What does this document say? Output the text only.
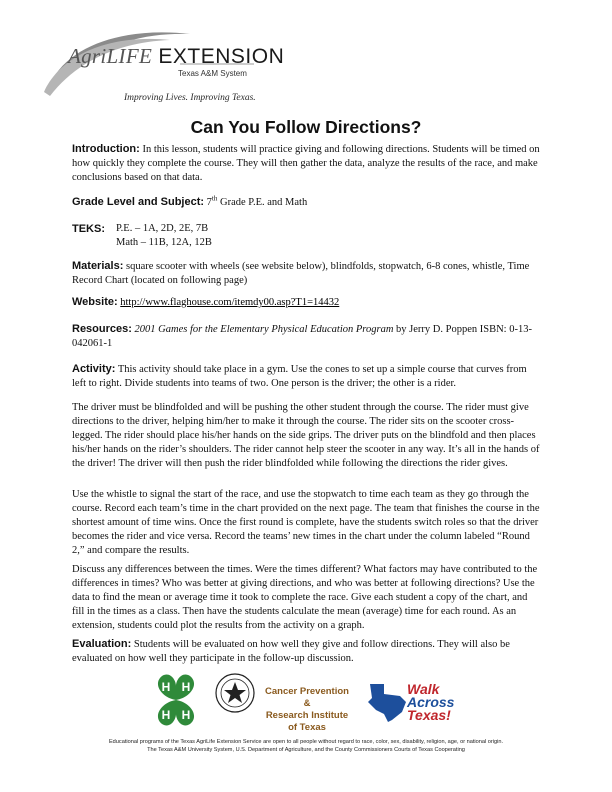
AgriLIFE EXTENSION
Texas A&M System
Improving Lives. Improving Texas.
Can You Follow Directions?
Introduction: In this lesson, students will practice giving and following directions. Students will be timed on how quickly they complete the course. They will then gather the data, analyze the results of the race, and make conclusions based on that data.
Grade Level and Subject: 7th Grade P.E. and Math
TEKS: P.E. – 1A, 2D, 2E, 7B
Math – 11B, 12A, 12B
Materials: square scooter with wheels (see website below), blindfolds, stopwatch, 6-8 cones, whistle, Time Record Chart (located on following page)
Website: http://www.flaghouse.com/itemdy00.asp?T1=14432
Resources: 2001 Games for the Elementary Physical Education Program by Jerry D. Poppen ISBN: 0-13-042061-1
Activity: This activity should take place in a gym. Use the cones to set up a simple course that curves from left to right. Divide students into teams of two. One person is the driver; the other is a rider.
The driver must be blindfolded and will be pushing the other student through the course. The rider must give directions to the driver, helping him/her to make it through the course. The rider sits on the scooter cross-legged. The rider should place his/her hands on the side grips. The driver puts on the blindfold and then places his/her hands on the rider’s shoulders. The rider cannot help steer the scooter in any way. It’s all in the hands of the driver! The driver will then push the rider blindfolded while following the directions the rider gives.
Use the whistle to signal the start of the race, and use the stopwatch to time each team as they go through the course. Record each team’s time in the chart provided on the next page. The team that finishes the course in the shortest amount of time wins. Once the first round is complete, have the students switch roles so that the driver becomes the rider and vice versa. Record the teams’ new times in the chart under the column labeled “Round 2,” and compare the results.
Discuss any differences between the times. Were the times different? What factors may have contributed to the differences in times? Who was better at giving directions, and who was better at following directions? Use the data to find the mean or average time it took to complete the race. Give each student a copy of the chart, and fill in the times as a class. Then have the students calculate the mean (average) time for each round. As an extension, students could plot the results from the activity on a graph.
Evaluation: Students will be evaluated on how well they give and follow directions. They will also be evaluated on how well they participate in the follow-up discussion.
H H
H H
Cancer Prevention &
Research Institute
of Texas
Walk
Across
Texas!
Educational programs of the Texas AgriLife Extension Service are open to all people without regard to race, color, sex, disability, religion, age, or national origin.
The Texas A&M University System, U.S. Department of Agriculture, and the County Commissioners Courts of Texas Cooperating
